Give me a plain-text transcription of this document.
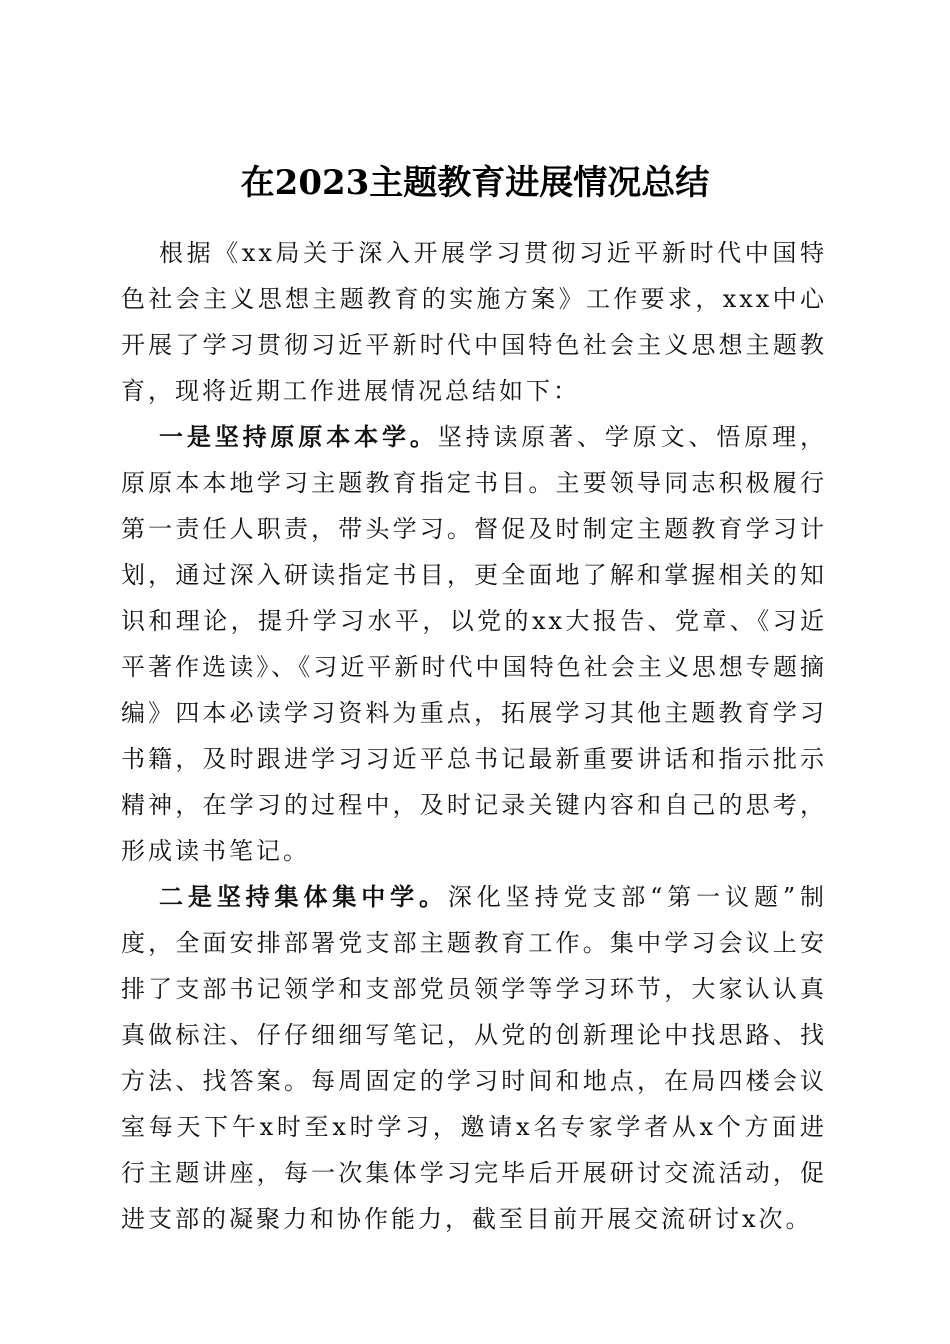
在2023主题教育进展情况总结

根据《xx局关于深入开展学习贯彻习近平新时代中国特色社会主义思想主题教育的实施方案》工作要求，xxx中心开展了学习贯彻习近平新时代中国特色社会主义思想主题教育，现将近期工作进展情况总结如下：

一是坚持原原本本学。坚持读原著、学原文、悟原理，原原本本地学习主题教育指定书目。主要领导同志积极履行第一责任人职责，带头学习。督促及时制定主题教育学习计划，通过深入研读指定书目，更全面地了解和掌握相关的知识和理论，提升学习水平，以党的xx大报告、党章、《习近平著作选读》、《习近平新时代中国特色社会主义思想专题摘编》四本必读学习资料为重点，拓展学习其他主题教育学习书籍，及时跟进学习习近平总书记最新重要讲话和指示批示精神，在学习的过程中，及时记录关键内容和自己的思考，形成读书笔记。

二是坚持集体集中学。深化坚持党支部“第一议题”制度，全面安排部署党支部主题教育工作。集中学习会议上安排了支部书记领学和支部党员领学等学习环节，大家认认真真做标注、仔仔细细写笔记，从党的创新理论中找思路、找方法、找答案。每周固定的学习时间和地点，在局四楼会议室每天下午x时至x时学习，邀请x名专家学者从x个方面进行主题讲座，每一次集体学习完毕后开展研讨交流活动，促进支部的凝聚力和协作能力，截至目前开展交流研讨x次。
